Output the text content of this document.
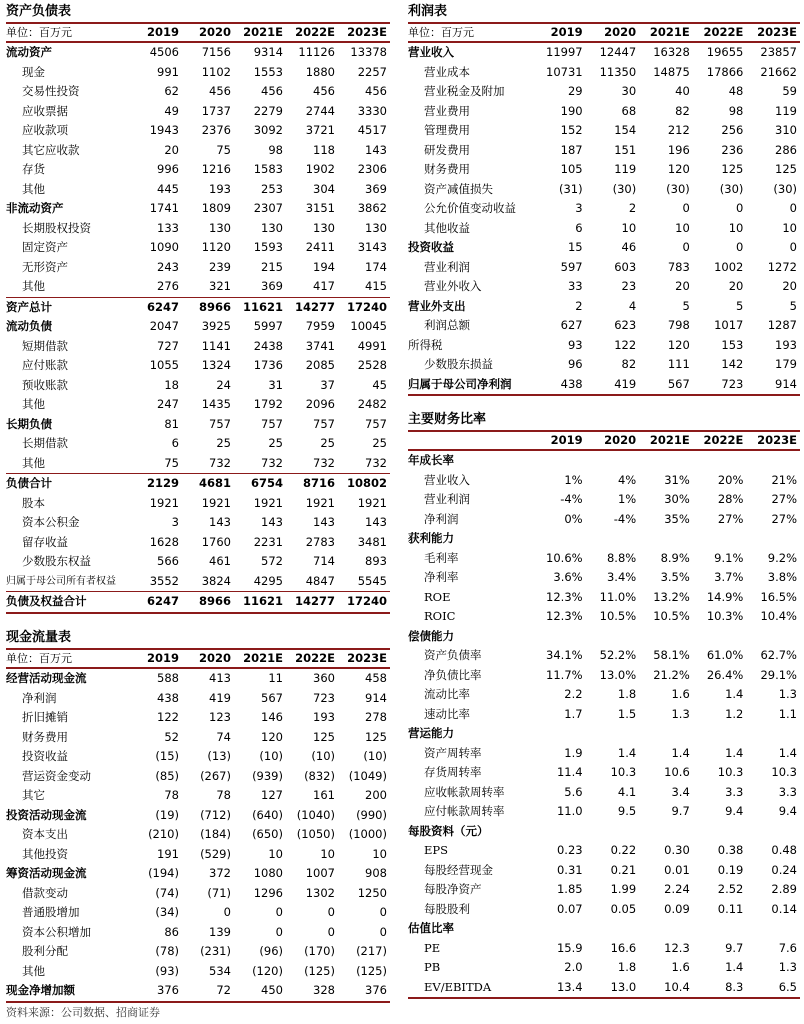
资产负债表
单位：百万元	2019	2020	2021E	2022E	2023E
流动资产	4506	7156	9314	11126	13378
现金	991	1102	1553	1880	2257
交易性投资	62	456	456	456	456
应收票据	49	1737	2279	2744	3330
应收款项	1943	2376	3092	3721	4517
其它应收款	20	75	98	118	143
存货	996	1216	1583	1902	2306
其他	445	193	253	304	369
非流动资产	1741	1809	2307	3151	3862
长期股权投资	133	130	130	130	130
固定资产	1090	1120	1593	2411	3143
无形资产	243	239	215	194	174
其他	276	321	369	417	415
资产总计	6247	8966	11621	14277	17240
流动负债	2047	3925	5997	7959	10045
短期借款	727	1141	2438	3741	4991
应付账款	1055	1324	1736	2085	2528
预收账款	18	24	31	37	45
其他	247	1435	1792	2096	2482
长期负债	81	757	757	757	757
长期借款	6	25	25	25	25
其他	75	732	732	732	732
负债合计	2129	4681	6754	8716	10802
股本	1921	1921	1921	1921	1921
资本公积金	3	143	143	143	143
留存收益	1628	1760	2231	2783	3481
少数股东权益	566	461	572	714	893
归属于母公司所有者权益	3552	3824	4295	4847	5545
负债及权益合计	6247	8966	11621	14277	17240
利润表
单位：百万元	2019	2020	2021E	2022E	2023E
营业收入	11997	12447	16328	19655	23857
营业成本	10731	11350	14875	17866	21662
营业税金及附加	29	30	40	48	59
营业费用	190	68	82	98	119
管理费用	152	154	212	256	310
研发费用	187	151	196	236	286
财务费用	105	119	120	125	125
资产减值损失	(31)	(30)	(30)	(30)	(30)
公允价值变动收益	3	2	0	0	0
其他收益	6	10	10	10	10
投资收益	15	46	0	0	0
营业利润	597	603	783	1002	1272
营业外收入	33	23	20	20	20
营业外支出	2	4	5	5	5
利润总额	627	623	798	1017	1287
所得税	93	122	120	153	193
少数股东损益	96	82	111	142	179
归属于母公司净利润	438	419	567	723	914
主要财务比率
	2019	2020	2021E	2022E	2023E
年成长率					
营业收入	1%	4%	31%	20%	21%
营业利润	-4%	1%	30%	28%	27%
净利润	0%	-4%	35%	27%	27%
获利能力					
毛利率	10.6%	8.8%	8.9%	9.1%	9.2%
净利率	3.6%	3.4%	3.5%	3.7%	3.8%
ROE	12.3%	11.0%	13.2%	14.9%	16.5%
ROIC	12.3%	10.5%	10.5%	10.3%	10.4%
偿债能力					
资产负债率	34.1%	52.2%	58.1%	61.0%	62.7%
净负债比率	11.7%	13.0%	21.2%	26.4%	29.1%
流动比率	2.2	1.8	1.6	1.4	1.3
速动比率	1.7	1.5	1.3	1.2	1.1
营运能力					
资产周转率	1.9	1.4	1.4	1.4	1.4
存货周转率	11.4	10.3	10.6	10.3	10.3
应收帐款周转率	5.6	4.1	3.4	3.3	3.3
应付帐款周转率	11.0	9.5	9.7	9.4	9.4
每股资料（元）					
EPS	0.23	0.22	0.30	0.38	0.48
每股经营现金	0.31	0.21	0.01	0.19	0.24
每股净资产	1.85	1.99	2.24	2.52	2.89
每股股利	0.07	0.05	0.09	0.11	0.14
估值比率					
PE	15.9	16.6	12.3	9.7	7.6
PB	2.0	1.8	1.6	1.4	1.3
EV/EBITDA	13.4	13.0	10.4	8.3	6.5
现金流量表
单位：百万元	2019	2020	2021E	2022E	2023E
经营活动现金流	588	413	11	360	458
净利润	438	419	567	723	914
折旧摊销	122	123	146	193	278
财务费用	52	74	120	125	125
投资收益	(15)	(13)	(10)	(10)	(10)
营运资金变动	(85)	(267)	(939)	(832)	(1049)
其它	78	78	127	161	200
投资活动现金流	(19)	(712)	(640)	(1040)	(990)
资本支出	(210)	(184)	(650)	(1050)	(1000)
其他投资	191	(529)	10	10	10
筹资活动现金流	(194)	372	1080	1007	908
借款变动	(74)	(71)	1296	1302	1250
普通股增加	(34)	0	0	0	0
资本公积增加	86	139	0	0	0
股利分配	(78)	(231)	(96)	(170)	(217)
其他	(93)	534	(120)	(125)	(125)
现金净增加额	376	72	450	328	376
资料来源：公司数据、招商证券
